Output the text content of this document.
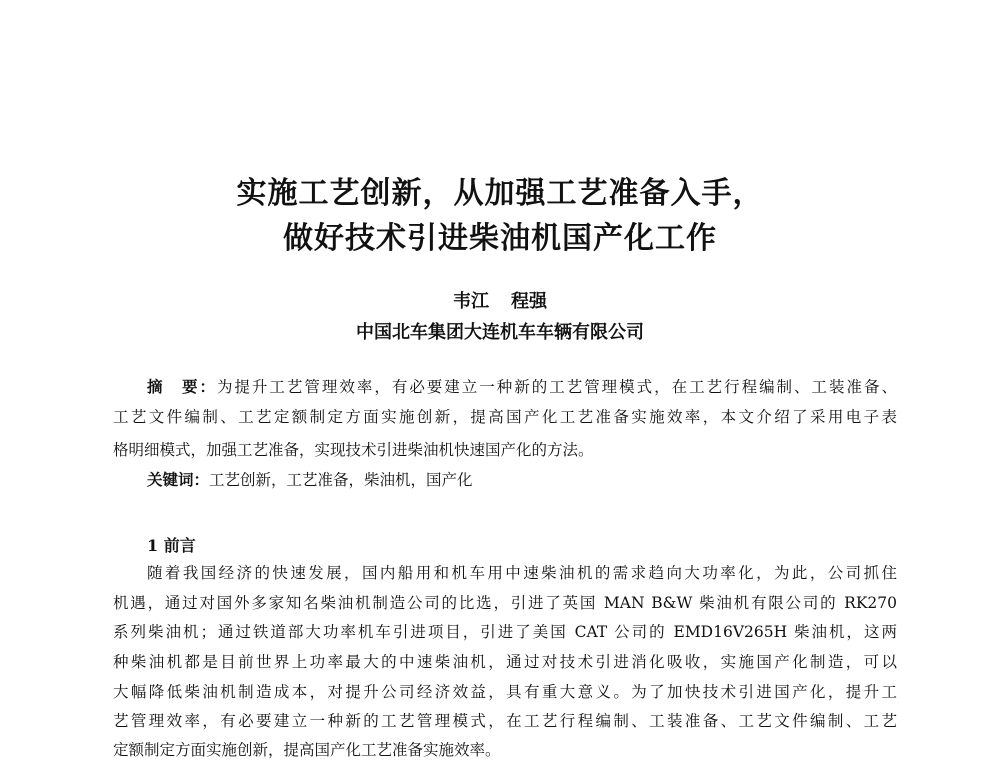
实施工艺创新，从加强工艺准备入手，
做好技术引进柴油机国产化工作
韦江 程强
中国北车集团大连机车车辆有限公司
摘　要：为提升工艺管理效率，有必要建立一种新的工艺管理模式，在工艺行程编制、工装准备、
工艺文件编制、工艺定额制定方面实施创新，提高国产化工艺准备实施效率，本文介绍了采用电子表
格明细模式，加强工艺准备，实现技术引进柴油机快速国产化的方法。
关键词：工艺创新，工艺准备，柴油机，国产化
1 前言
随着我国经济的快速发展，国内船用和机车用中速柴油机的需求趋向大功率化，为此，公司抓住
机遇，通过对国外多家知名柴油机制造公司的比选，引进了英国 MAN B&W 柴油机有限公司的 RK270
系列柴油机；通过铁道部大功率机车引进项目，引进了美国 CAT 公司的 EMD16V265H 柴油机，这两
种柴油机都是目前世界上功率最大的中速柴油机，通过对技术引进消化吸收，实施国产化制造，可以
大幅降低柴油机制造成本，对提升公司经济效益，具有重大意义。为了加快技术引进国产化，提升工
艺管理效率，有必要建立一种新的工艺管理模式，在工艺行程编制、工装准备、工艺文件编制、工艺
定额制定方面实施创新，提高国产化工艺准备实施效率。
